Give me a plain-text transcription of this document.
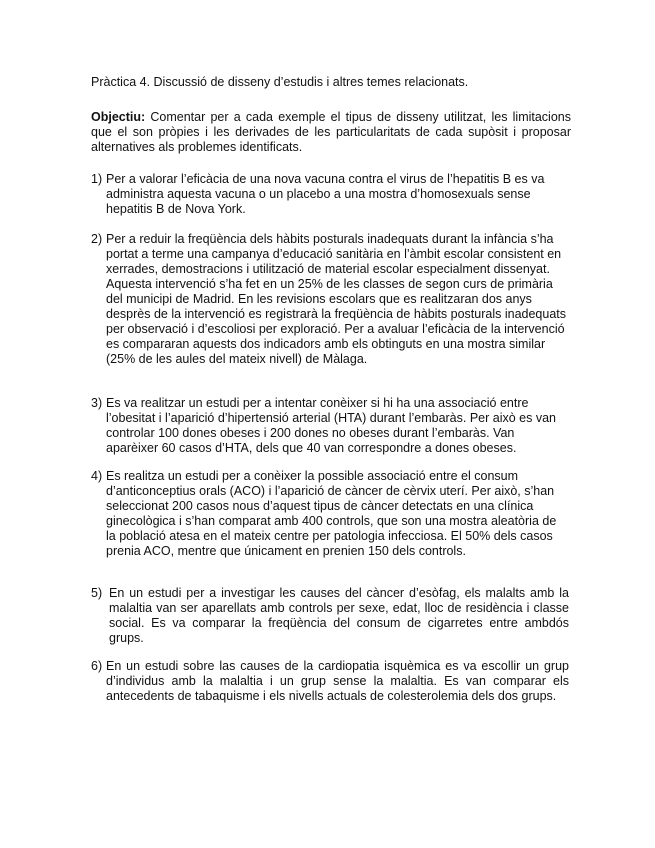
Pràctica 4. Discussió de disseny d’estudis i altres temes relacionats.
Objectiu: Comentar per a cada exemple el tipus de disseny utilitzat, les limitacions que el son pròpies i les derivades de les particularitats de cada supòsit i proposar alternatives als problemes identificats.
1) Per a valorar l’eficàcia de una nova vacuna contra el virus de l’hepatitis B es va administra aquesta vacuna o un placebo a una mostra d’homosexuals sense hepatitis B de Nova York.
2) Per a reduir la freqüència dels hàbits posturals inadequats durant la infància s’ha portat a terme una campanya d’educació sanitària en l’àmbit escolar consistent en xerrades, demostracions i utilització de material escolar especialment dissenyat. Aquesta intervenció s’ha fet en un 25% de les classes de segon curs de primària del municipi de Madrid. En les revisions escolars que es realitzaran dos anys desprès de la intervenció es registrarà la freqüència de hàbits posturals inadequats per observació i d’escoliosi per exploració. Per a avaluar l’eficàcia de la intervenció es compararan aquests dos indicadors amb els obtinguts en una mostra similar (25% de les aules del mateix nivell) de Màlaga.
3) Es va realitzar un estudi per a intentar conèixer si hi ha una associació entre l’obesitat i l’aparició d’hipertensió arterial (HTA) durant l’embaràs. Per això es van controlar 100 dones obeses i 200 dones no obeses durant l’embaràs. Van aparèixer 60 casos d’HTA, dels que 40 van correspondre a dones obeses.
4) Es realitza un estudi per a conèixer la possible associació entre el consum d’anticonceptius orals (ACO) i l’aparició de càncer de cèrvix uterí. Per això, s’han seleccionat 200 casos nous d’aquest tipus de càncer detectats en una clínica ginecològica i s’han comparat amb 400 controls, que son una mostra aleatòria de la població atesa en el mateix centre per patologia infecciosa. El 50% dels casos prenia ACO, mentre que únicament en prenien 150 dels controls.
5) En un estudi per a investigar les causes del càncer d’esòfag, els malalts amb la malaltia van ser aparellats amb controls per sexe, edat, lloc de residència i classe social. Es va comparar la freqüència del consum de cigarretes entre ambdós grups.
6) En un estudi sobre las causes de la cardiopatia isquèmica es va escollir un grup d’individus amb la malaltia i un grup sense la malaltia. Es van comparar els antecedents de tabaquisme i els nivells actuals de colesterolemia dels dos grups.
